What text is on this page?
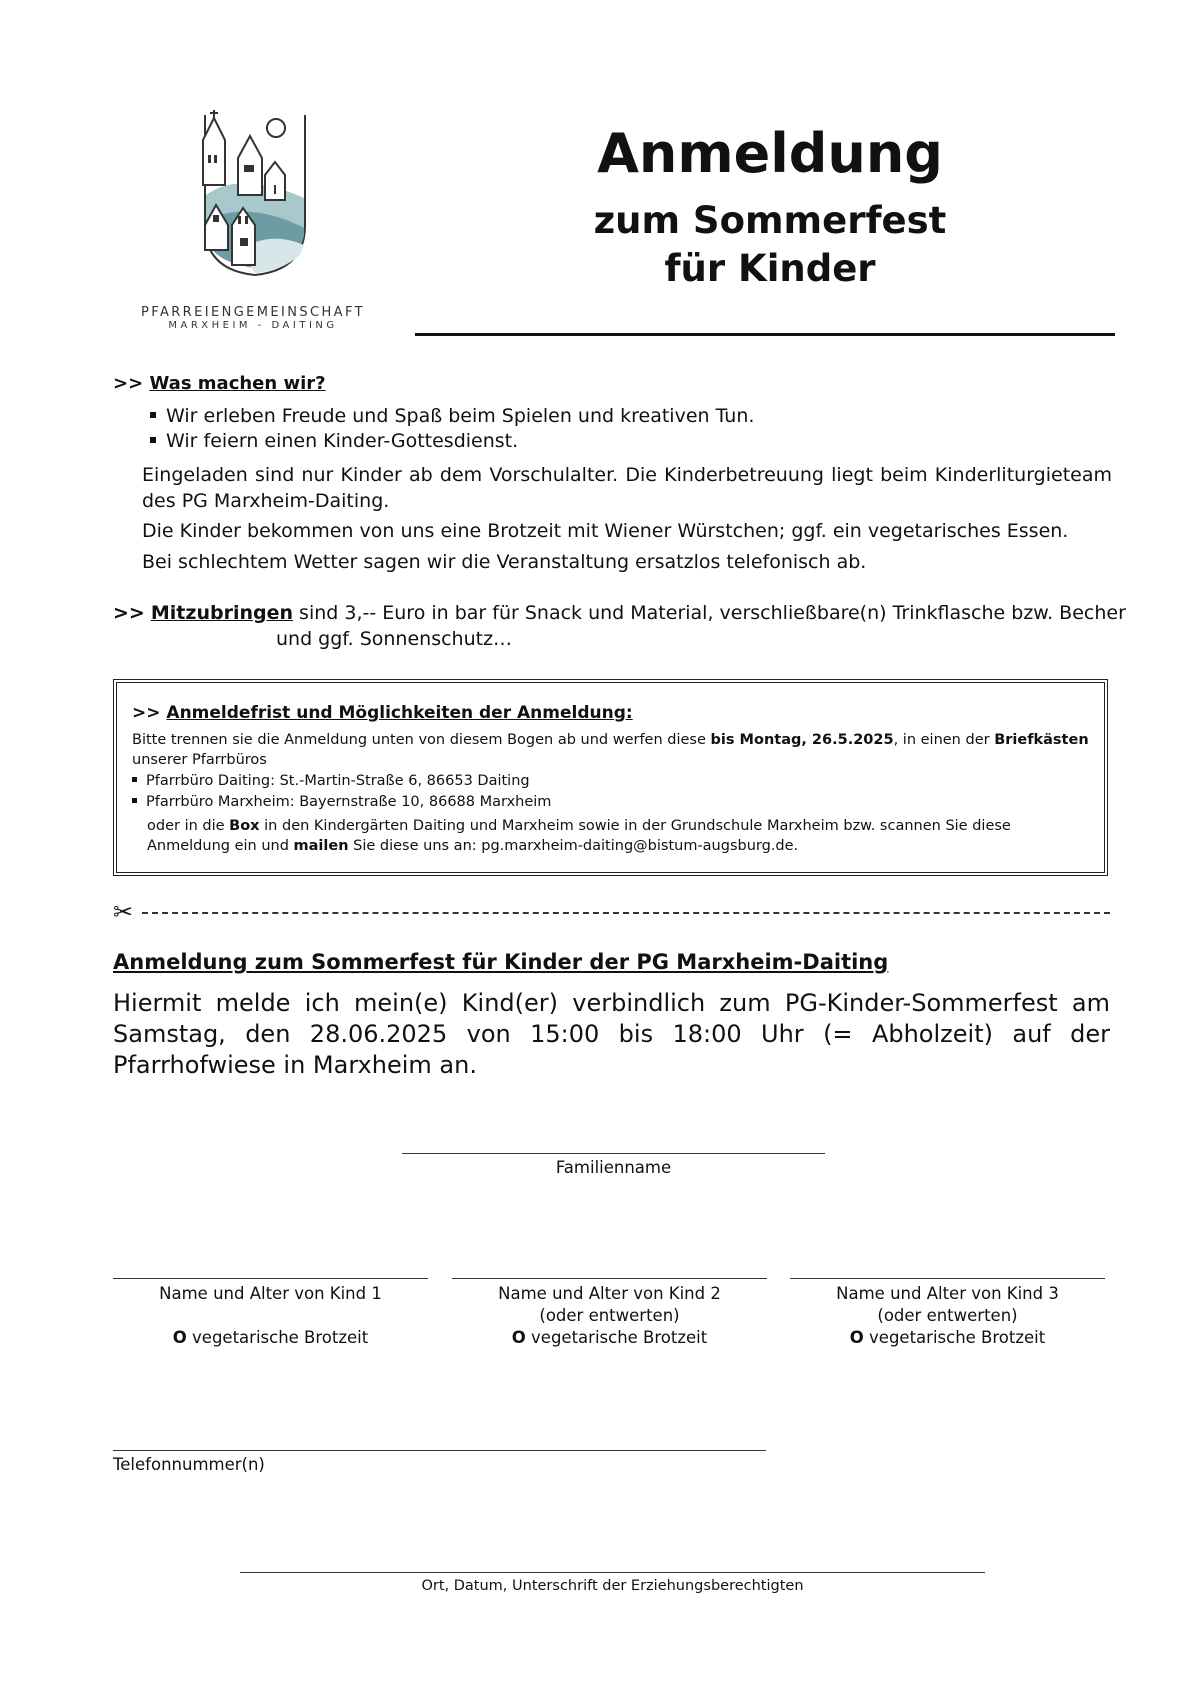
PFARREIENGEMEINSCHAFT
MARXHEIM - DAITING
Anmeldung
zum Sommerfest
für Kinder
>> Was machen wir?
Wir erleben Freude und Spaß beim Spielen und kreativen Tun.
Wir feiern einen Kinder-Gottesdienst.
Eingeladen sind nur Kinder ab dem Vorschulalter. Die Kinderbetreuung liegt beim Kinderliturgieteam des PG Marxheim-Daiting.
Die Kinder bekommen von uns eine Brotzeit mit Wiener Würstchen; ggf. ein vegetarisches Essen.
Bei schlechtem Wetter sagen wir die Veranstaltung ersatzlos telefonisch ab.
>> Mitzubringen sind 3,-- Euro in bar für Snack und Material, verschließbare(n) Trinkflasche bzw. Becher
und ggf. Sonnenschutz…
>> Anmeldefrist und Möglichkeiten der Anmeldung:
Bitte trennen sie die Anmeldung unten von diesem Bogen ab und werfen diese bis Montag, 26.5.2025, in einen der Briefkästen unserer Pfarrbüros
Pfarrbüro Daiting: St.-Martin-Straße 6, 86653 Daiting
Pfarrbüro Marxheim: Bayernstraße 10, 86688 Marxheim
oder in die Box in den Kindergärten Daiting und Marxheim sowie in der Grundschule Marxheim bzw. scannen Sie diese Anmeldung ein und mailen Sie diese uns an: pg.marxheim-daiting@bistum-augsburg.de.
✂
Anmeldung zum Sommerfest für Kinder der PG Marxheim-Daiting
Hiermit melde ich mein(e) Kind(er) verbindlich zum PG-Kinder-Sommerfest am Samstag, den 28.06.2025 von 15:00 bis 18:00 Uhr (= Abholzeit) auf der Pfarrhofwiese in Marxheim an.
Familienname
Name und Alter von Kind 1
O vegetarische Brotzeit
Name und Alter von Kind 2
(oder entwerten)
O vegetarische Brotzeit
Name und Alter von Kind 3
(oder entwerten)
O vegetarische Brotzeit
Telefonnummer(n)
Ort, Datum, Unterschrift der Erziehungsberechtigten
